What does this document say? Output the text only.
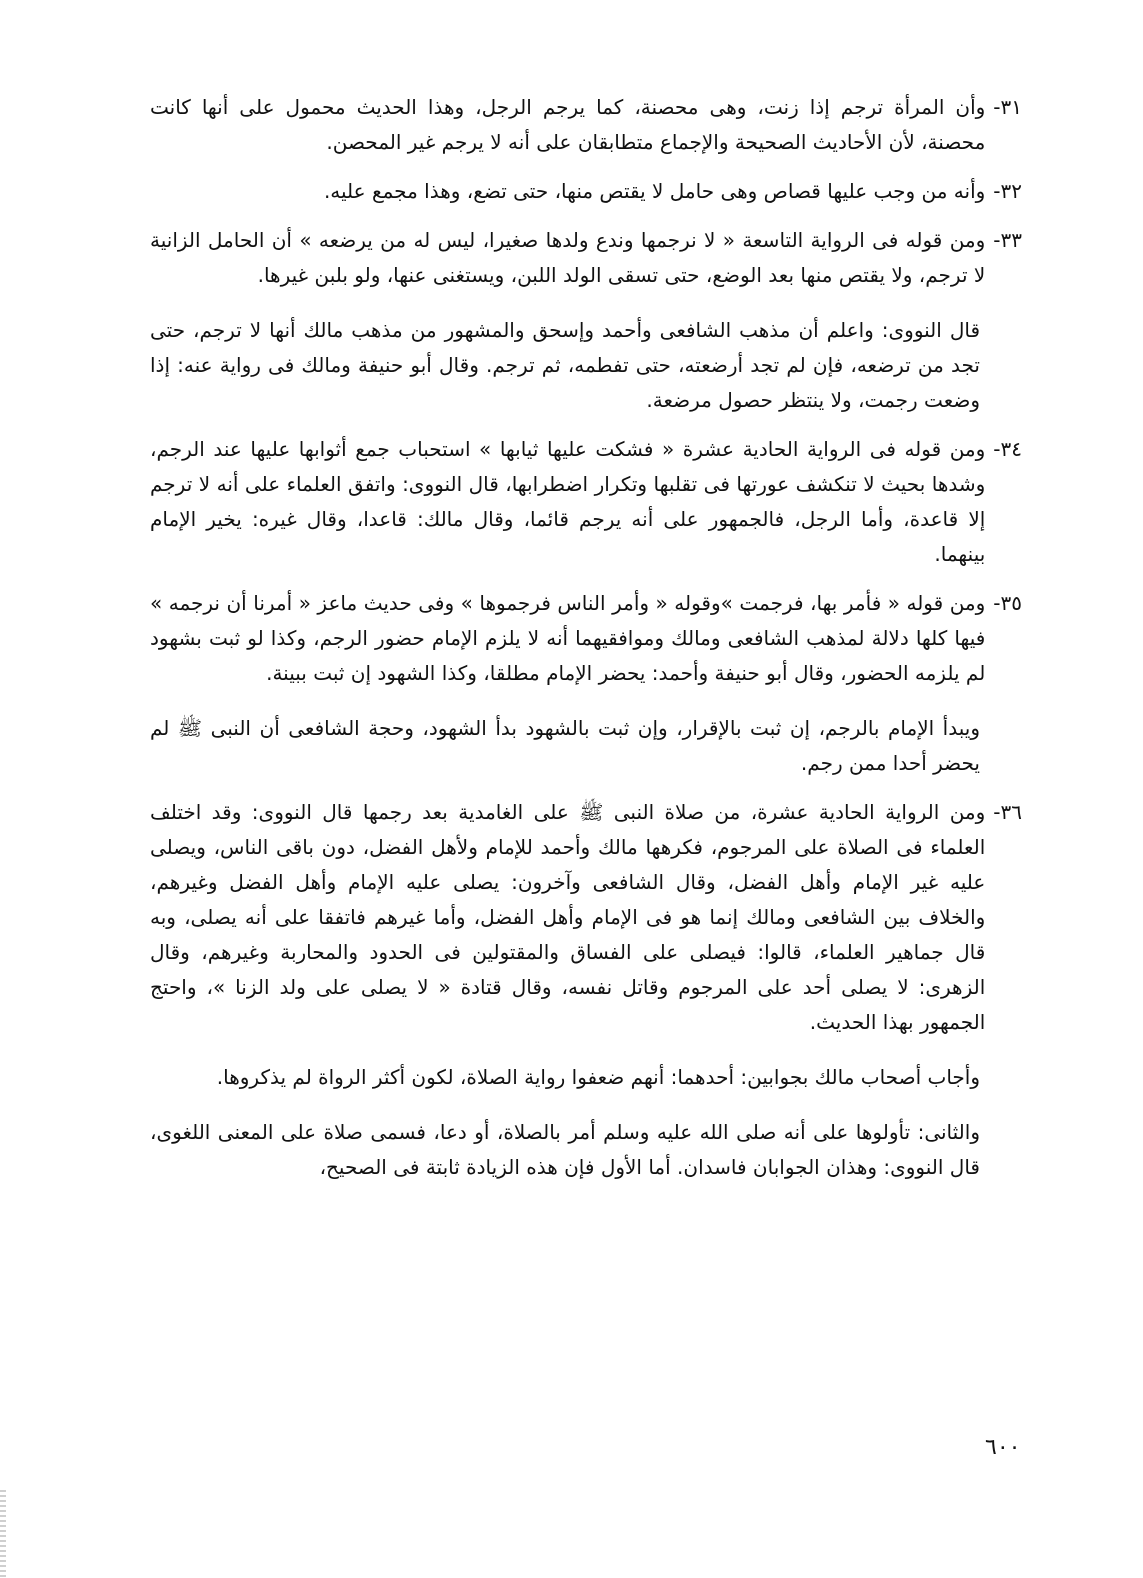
٣١-
وأن المرأة ترجم إذا زنت، وهى محصنة، كما يرجم الرجل، وهذا الحديث محمول على أنها كانت محصنة، لأن الأحاديث الصحيحة والإجماع متطابقان على أنه لا يرجم غير المحصن.
٣٢-
وأنه من وجب عليها قصاص وهى حامل لا يقتص منها، حتى تضع، وهذا مجمع عليه.
٣٣-
ومن قوله فى الرواية التاسعة « لا نرجمها وندع ولدها صغيرا، ليس له من يرضعه » أن الحامل الزانية لا ترجم، ولا يقتص منها بعد الوضع، حتى تسقى الولد اللبن، ويستغنى عنها، ولو بلبن غيرها.

قال النووى: واعلم أن مذهب الشافعى وأحمد وإسحق والمشهور من مذهب مالك أنها لا ترجم، حتى تجد من ترضعه، فإن لم تجد أرضعته، حتى تفطمه، ثم ترجم. وقال أبو حنيفة ومالك فى رواية عنه: إذا وضعت رجمت، ولا ينتظر حصول مرضعة.

٣٤-
ومن قوله فى الرواية الحادية عشرة « فشكت عليها ثيابها » استحباب جمع أثوابها عليها عند الرجم، وشدها بحيث لا تنكشف عورتها فى تقلبها وتكرار اضطرابها، قال النووى: واتفق العلماء على أنه لا ترجم إلا قاعدة، وأما الرجل، فالجمهور على أنه يرجم قائما، وقال مالك: قاعدا، وقال غيره: يخير الإمام بينهما.
٣٥-
ومن قوله « فأمر بها، فرجمت »وقوله « وأمر الناس فرجموها » وفى حديث ماعز « أمرنا أن نرجمه » فيها كلها دلالة لمذهب الشافعى ومالك وموافقيهما أنه لا يلزم الإمام حضور الرجم، وكذا لو ثبت بشهود لم يلزمه الحضور، وقال أبو حنيفة وأحمد: يحضر الإمام مطلقا، وكذا الشهود إن ثبت ببينة.

ويبدأ الإمام بالرجم، إن ثبت بالإقرار، وإن ثبت بالشهود بدأ الشهود، وحجة الشافعى أن النبى ﷺ لم يحضر أحدا ممن رجم.

٣٦-
ومن الرواية الحادية عشرة، من صلاة النبى ﷺ على الغامدية بعد رجمها قال النووى: وقد اختلف العلماء فى الصلاة على المرجوم، فكرهها مالك وأحمد للإمام ولأهل الفضل، دون باقى الناس، ويصلى عليه غير الإمام وأهل الفضل، وقال الشافعى وآخرون: يصلى عليه الإمام وأهل الفضل وغيرهم، والخلاف بين الشافعى ومالك إنما هو فى الإمام وأهل الفضل، وأما غيرهم فاتفقا على أنه يصلى، وبه قال جماهير العلماء، قالوا: فيصلى على الفساق والمقتولين فى الحدود والمحاربة وغيرهم، وقال الزهرى: لا يصلى أحد على المرجوم وقاتل نفسه، وقال قتادة « لا يصلى على ولد الزنا »، واحتج الجمهور بهذا الحديث.

وأجاب أصحاب مالك بجوابين: أحدهما: أنهم ضعفوا رواية الصلاة، لكون أكثر الرواة لم يذكروها.

والثانى: تأولوها على أنه صلى الله عليه وسلم أمر بالصلاة، أو دعا، فسمى صلاة على المعنى اللغوى، قال النووى: وهذان الجوابان فاسدان. أما الأول فإن هذه الزيادة ثابتة فى الصحيح،

٦٠٠
